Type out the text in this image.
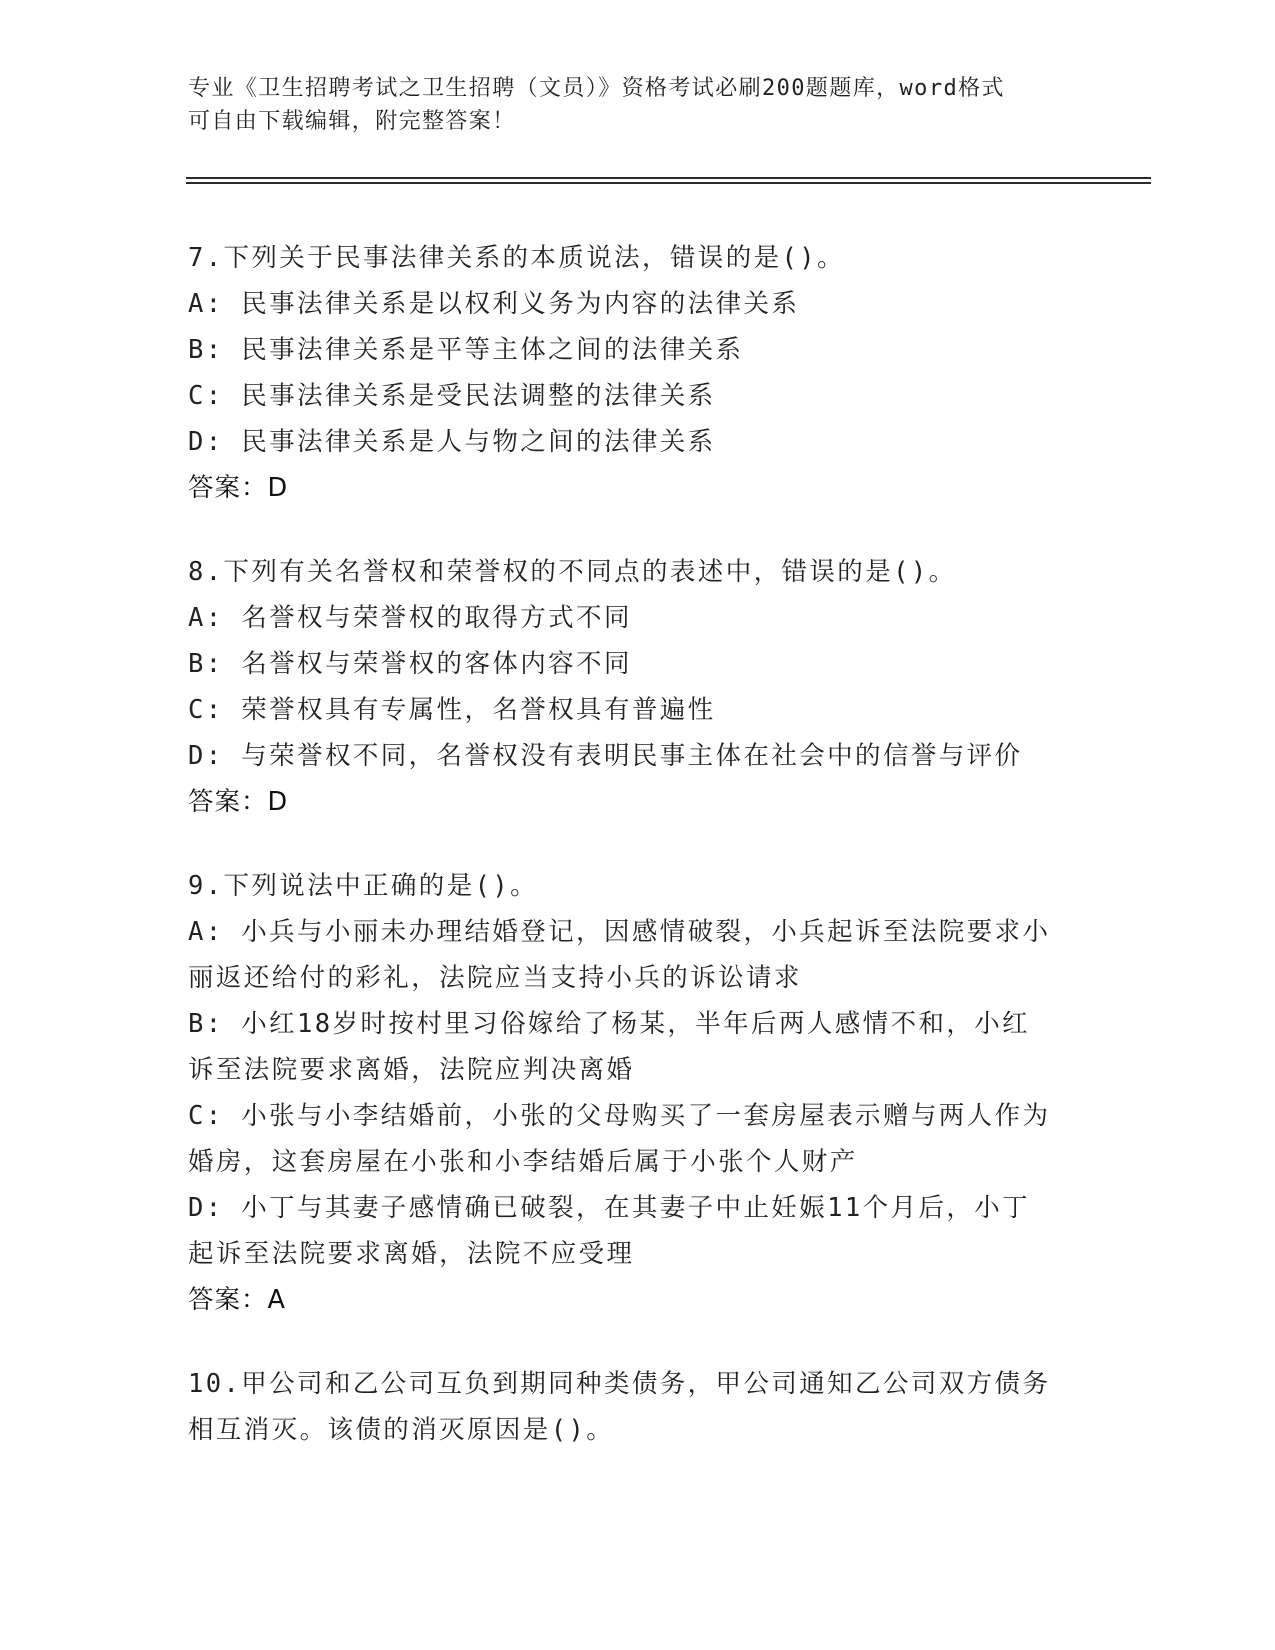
专业《卫生招聘考试之卫生招聘（文员）》资格考试必刷200题题库，word格式
可自由下载编辑，附完整答案！
7.下列关于民事法律关系的本质说法，错误的是()。
A: 民事法律关系是以权利义务为内容的法律关系
B: 民事法律关系是平等主体之间的法律关系
C: 民事法律关系是受民法调整的法律关系
D: 民事法律关系是人与物之间的法律关系
答案：D
8.下列有关名誉权和荣誉权的不同点的表述中，错误的是()。
A: 名誉权与荣誉权的取得方式不同
B: 名誉权与荣誉权的客体内容不同
C: 荣誉权具有专属性，名誉权具有普遍性
D: 与荣誉权不同，名誉权没有表明民事主体在社会中的信誉与评价
答案：D
9.下列说法中正确的是()。
A: 小兵与小丽未办理结婚登记，因感情破裂，小兵起诉至法院要求小
丽返还给付的彩礼，法院应当支持小兵的诉讼请求
B: 小红18岁时按村里习俗嫁给了杨某，半年后两人感情不和，小红
诉至法院要求离婚，法院应判决离婚
C: 小张与小李结婚前，小张的父母购买了一套房屋表示赠与两人作为
婚房，这套房屋在小张和小李结婚后属于小张个人财产
D: 小丁与其妻子感情确已破裂，在其妻子中止妊娠11个月后，小丁
起诉至法院要求离婚，法院不应受理
答案：A
10.甲公司和乙公司互负到期同种类债务，甲公司通知乙公司双方债务
相互消灭。该债的消灭原因是()。
